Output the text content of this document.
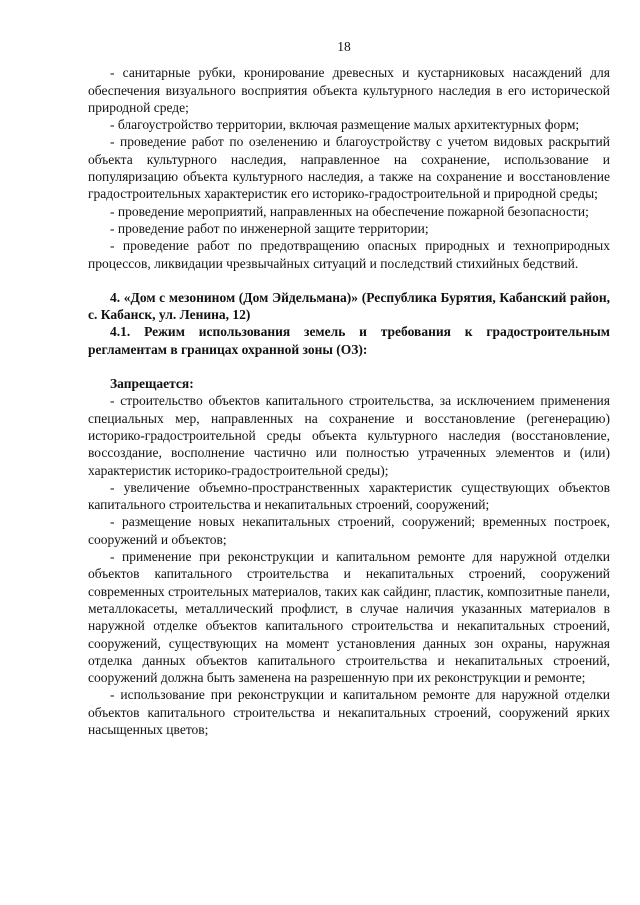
18

- санитарные рубки, кронирование древесных и кустарниковых насаждений для обеспечения визуального восприятия объекта культурного наследия в его исторической природной среде;

- благоустройство территории, включая размещение малых архитектурных форм;

- проведение работ по озеленению и благоустройству с учетом видовых раскрытий объекта культурного наследия, направленное на сохранение, использование и популяризацию объекта культурного наследия, а также на сохранение и восстановление градостроительных характеристик его историко-градостроительной и природной среды;

- проведение мероприятий, направленных на обеспечение пожарной безопасности;

- проведение работ по инженерной защите территории;

- проведение работ по предотвращению опасных природных и техноприродных процессов, ликвидации чрезвычайных ситуаций и последствий стихийных бедствий.

4. «Дом с мезонином (Дом Эйдельмана)» (Республика Бурятия, Кабанский район, с. Кабанск, ул. Ленина, 12)

4.1. Режим использования земель и требования к градостроительным регламентам в границах охранной зоны (ОЗ):

Запрещается:

- строительство объектов капитального строительства, за исключением применения специальных мер, направленных на сохранение и восстановление (регенерацию) историко-градостроительной среды объекта культурного наследия (восстановление, воссоздание, восполнение частично или полностью утраченных элементов и (или) характеристик историко-градостроительной среды);

- увеличение объемно-пространственных характеристик существующих объектов капитального строительства и некапитальных строений, сооружений;

- размещение новых некапитальных строений, сооружений; временных построек, сооружений и объектов;

- применение при реконструкции и капитальном ремонте для наружной отделки объектов капитального строительства и некапитальных строений, сооружений современных строительных материалов, таких как сайдинг, пластик, композитные панели, металлокасеты, металлический профлист, в случае наличия указанных материалов в наружной отделке объектов капитального строительства и некапитальных строений, сооружений, существующих на момент установления данных зон охраны, наружная отделка данных объектов капитального строительства и некапитальных строений, сооружений должна быть заменена на разрешенную при их реконструкции и ремонте;

- использование при реконструкции и капитальном ремонте для наружной отделки объектов капитального строительства и некапитальных строений, сооружений ярких насыщенных цветов;
